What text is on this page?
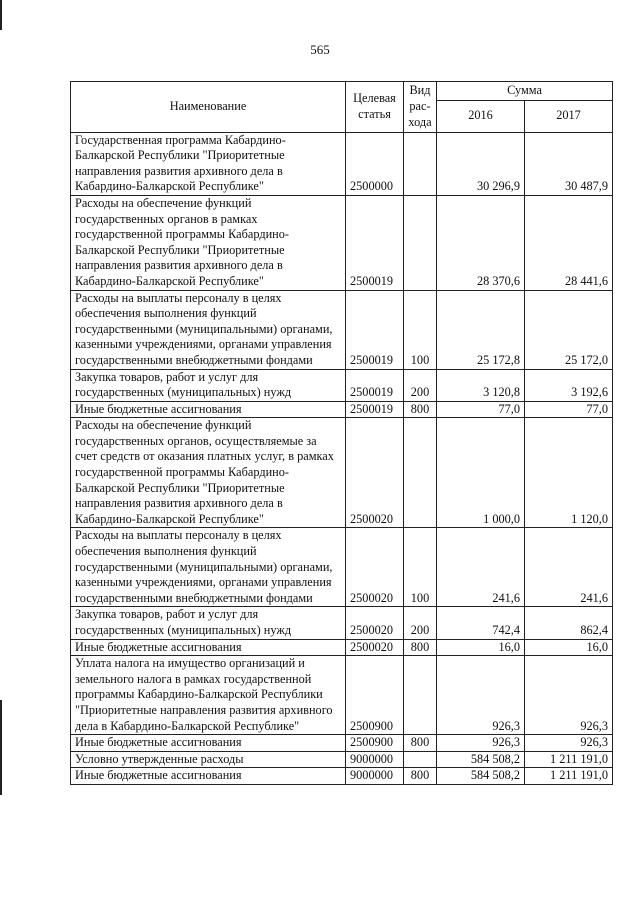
565
Наименование	Целевая статья	Вид рас-хода	Сумма	
			2016	2017
Государственная программа Кабардино-Балкарской Республики "Приоритетные направления развития архивного дела в Кабардино-Балкарской Республике"	2500000		30 296,9	30 487,9
Расходы на обеспечение функций государственных органов в рамках государственной программы Кабардино-Балкарской Республики "Приоритетные направления развития архивного дела в Кабардино-Балкарской Республике"	2500019		28 370,6	28 441,6
Расходы на выплаты персоналу в целях обеспечения выполнения функций государственными (муниципальными) органами, казенными учреждениями, органами управления государственными внебюджетными фондами	2500019	100	25 172,8	25 172,0
Закупка товаров, работ и услуг для государственных (муниципальных) нужд	2500019	200	3 120,8	3 192,6
Иные бюджетные ассигнования	2500019	800	77,0	77,0
Расходы на обеспечение функций государственных органов, осуществляемые за счет средств от оказания платных услуг, в рамках государственной программы Кабардино-Балкарской Республики "Приоритетные направления развития архивного дела в Кабардино-Балкарской Республике"	2500020		1 000,0	1 120,0
Расходы на выплаты персоналу в целях обеспечения выполнения функций государственными (муниципальными) органами, казенными учреждениями, органами управления государственными внебюджетными фондами	2500020	100	241,6	241,6
Закупка товаров, работ и услуг для государственных (муниципальных) нужд	2500020	200	742,4	862,4
Иные бюджетные ассигнования	2500020	800	16,0	16,0
Уплата налога на имущество организаций и земельного налога в рамках государственной программы Кабардино-Балкарской Республики "Приоритетные направления развития архивного дела в Кабардино-Балкарской Республике"	2500900		926,3	926,3
Иные бюджетные ассигнования	2500900	800	926,3	926,3
Условно утвержденные расходы	9000000		584 508,2	1 211 191,0
Иные бюджетные ассигнования	9000000	800	584 508,2	1 211 191,0
